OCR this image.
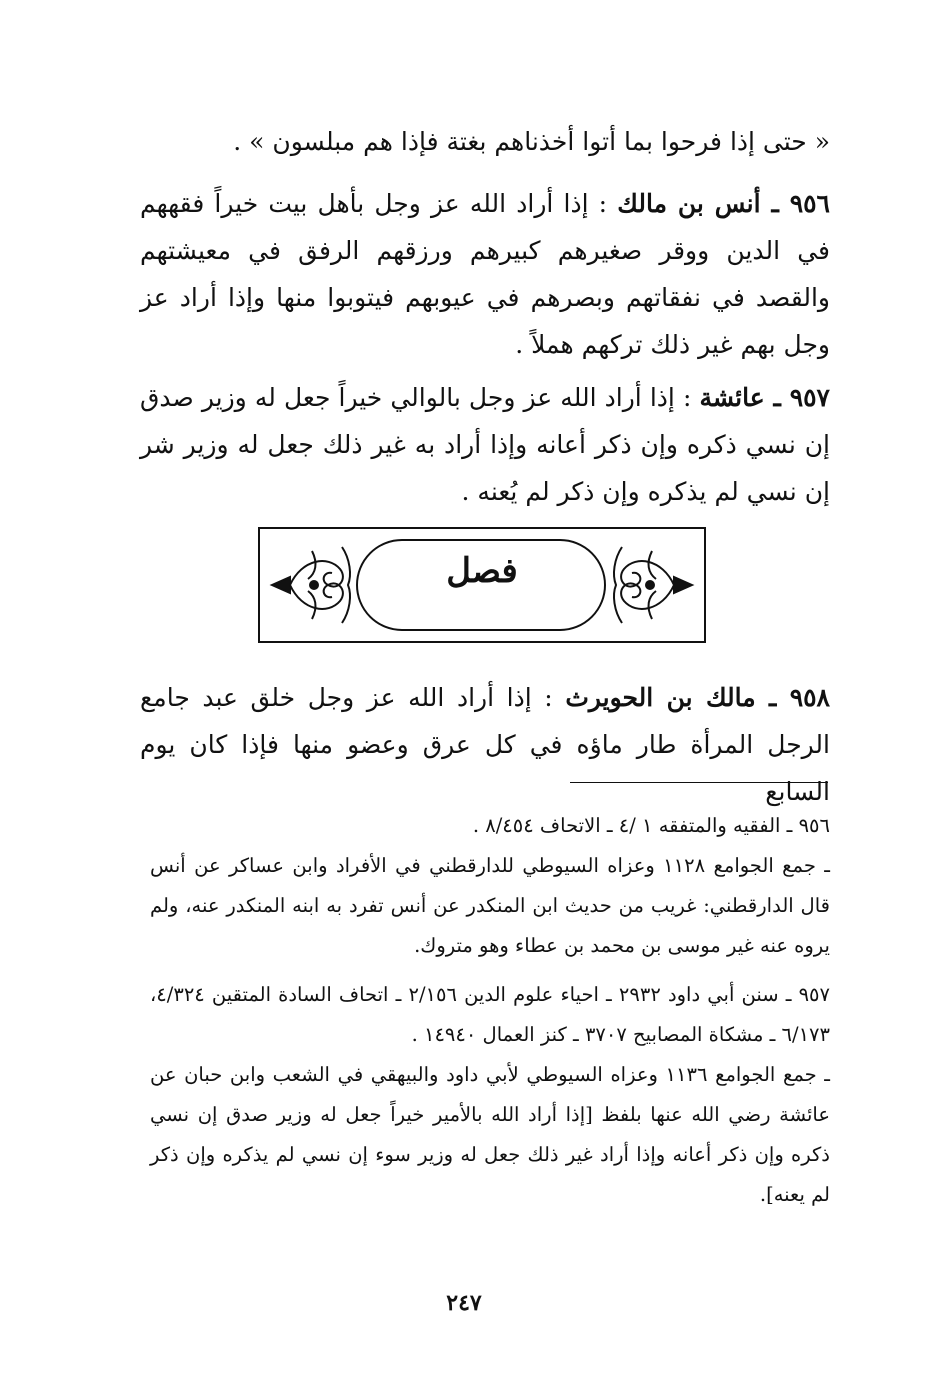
« حتى إذا فرحوا بما أتوا أخذناهم بغتة فإذا هم مبلسون » .

٩٥٦ ـ أنس بن مالك : إذا أراد الله عز وجل بأهل بيت خيراً فقههم في الدين ووقر صغيرهم كبيرهم ورزقهم الرفق في معيشتهم والقصد في نفقاتهم وبصرهم في عيوبهم فيتوبوا منها وإذا أراد عز وجل بهم غير ذلك تركهم هملاً .

٩٥٧ ـ عائشة : إذا أراد الله عز وجل بالوالي خيراً جعل له وزير صدق إن نسي ذكره وإن ذكر أعانه وإذا أراد به غير ذلك جعل له وزير شر إن نسي لم يذكره وإن ذكر لم يُعنه .

فصل

٩٥٨ ـ مالك بن الحويرث : إذا أراد الله عز وجل خلق عبد جامع الرجل المرأة طار ماؤه في كل عرق وعضو منها فإذا كان يوم السابع

٩٥٦ ـ الفقيه والمتفقه ١ /٤ ـ الاتحاف ٨/٤٥٤ .

ـ جمع الجوامع ١١٢٨ وعزاه السيوطي للدارقطني في الأفراد وابن عساكر عن أنس قال الدارقطني: غريب من حديث ابن المنكدر عن أنس تفرد به ابنه المنكدر عنه، ولم يروه عنه غير موسى بن محمد بن عطاء وهو متروك.

٩٥٧ ـ سنن أبي داود ٢٩٣٢ ـ احياء علوم الدين ٢/١٥٦ ـ اتحاف السادة المتقين ٤/٣٢٤، ٦/١٧٣ ـ مشكاة المصابيح ٣٧٠٧ ـ كنز العمال ١٤٩٤٠ .

ـ جمع الجوامع ١١٣٦ وعزاه السيوطي لأبي داود والبيهقي في الشعب وابن حبان عن عائشة رضي الله عنها بلفظ [إذا أراد الله بالأمير خيراً جعل له وزير صدق إن نسي ذكره وإن ذكر أعانه وإذا أراد غير ذلك جعل له وزير سوء إن نسي لم يذكره وإن ذكر لم يعنه].

٢٤٧
